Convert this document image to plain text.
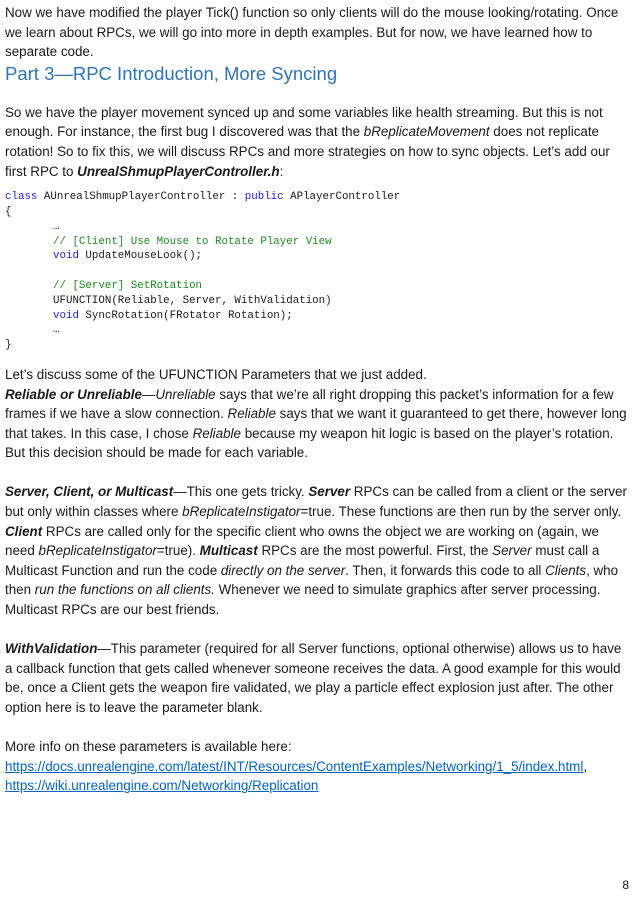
Now we have modified the player Tick() function so only clients will do the mouse looking/rotating. Once we learn about RPCs, we will go into more in depth examples. But for now, we have learned how to separate code.

Part 3—RPC Introduction, More Syncing

So we have the player movement synced up and some variables like health streaming. But this is not enough. For instance, the first bug I discovered was that the bReplicateMovement does not replicate rotation! So to fix this, we will discuss RPCs and more strategies on how to sync objects. Let’s add our first RPC to UnrealShmupPlayerController.h:

class AUnrealShmupPlayerController : public APlayerController
{
…
// [Client] Use Mouse to Rotate Player View
void UpdateMouseLook();

// [Server] SetRotation
UFUNCTION(Reliable, Server, WithValidation)
void SyncRotation(FRotator Rotation);
…
}

Let’s discuss some of the UFUNCTION Parameters that we just added.

Reliable or Unreliable—Unreliable says that we’re all right dropping this packet’s information for a few frames if we have a slow connection. Reliable says that we want it guaranteed to get there, however long that takes. In this case, I chose Reliable because my weapon hit logic is based on the player’s rotation. But this decision should be made for each variable.

Server, Client, or Multicast—This one gets tricky. Server RPCs can be called from a client or the server but only within classes where bReplicateInstigator=true. These functions are then run by the server only. Client RPCs are called only for the specific client who owns the object we are working on (again, we need bReplicateInstigator=true). Multicast RPCs are the most powerful. First, the Server must call a Multicast Function and run the code directly on the server. Then, it forwards this code to all Clients, who then run the functions on all clients. Whenever we need to simulate graphics after server processing. Multicast RPCs are our best friends.

WithValidation—This parameter (required for all Server functions, optional otherwise) allows us to have a callback function that gets called whenever someone receives the data. A good example for this would be, once a Client gets the weapon fire validated, we play a particle effect explosion just after. The other option here is to leave the parameter blank.

More info on these parameters is available here:

https://docs.unrealengine.com/latest/INT/Resources/ContentExamples/Networking/1_5/index.html, https://wiki.unrealengine.com/Networking/Replication

8
